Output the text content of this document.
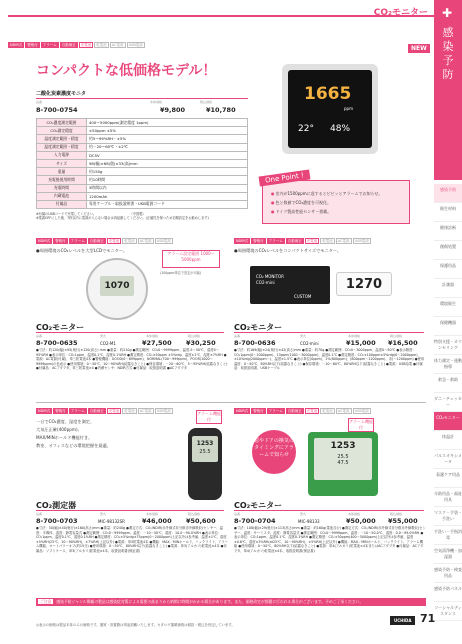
CO₂モニター ✚
感
染
予
防
感染予防
衛生材料
健康診断
創傷処置
保護用品
計測器
環境衛生
保健機器
特別支援・カウンセリング
体力測定・運動指導
救急・救助
ダニ・チェッカー
CO₂モニター
体温計
パルスオキシメータ
看護ケア用品
介助用品・福祉用具
マスク・手袋・手洗い
手洗い・手指消毒
空気清浄機・加湿器
感染予防・検査用品
感染予防パネル
ソーシャルディスタンス
NDIR式	警報付	アラーム	自動補正	充電池	乾電池	AC電源	USB電源	NEW
コンパクトな低価格モデル！
1665
ppm
22° 48%
二酸化炭素濃度モニタ
品番	本体価格	税込価格
8-700-0754	¥9,800	¥10,780
CO₂濃度測定範囲	400～5000ppm(測定精度 1ppm)
CO₂測定精度	±50ppm ±5%
湿度測定範囲・精度	約5～99%RH・±5%
温度測定範囲・精度	約－20～60℃・±2℃
入力電源	DC5V
サイズ	98(幅)×68(奥)×33(高)mm
重量	約150g
充電後使用時間	約10時間
充電時間	5時間以内
内蔵電池	1200mAh
付属品	専用ケーブル・取扱説明書・USB電源コード
※付属のUSBコードで充電してください。　　　　　　　　　　　（中国製）
※電源OFFにした後、7秒以内に電源が入らない場合は再起動してください。(正確性を保つため初期設定をお勧めします)
One Point !
● 室内が1500ppmに達するとビビッとアラームでお知らせ。
● 色と数値でCO₂濃度を可視化。
● ドイツ製高性能センサー搭載。
NDIR式	警報付	アラーム	自動補正	充電池	乾電池	AC電源	USB電源
●周囲環境のCO₂レベルを大型LCDでモニター。
1070
アラーム設定範囲 1000～5000ppm
(100ppm単位で設定が可能)
CO₂モニター
品番	型式	本体価格	税込価格
8-700-0635	CO2-M1	¥27,500 ¥30,250
●寸法：約120(幅)×95(奥行)×120(高さ) mm ●重量：約210g ●測定範囲：CO₂0～9999ppm、温度-5～50℃、湿度0～95%RH ●表示単位：CO₂1ppm、温度0.1℃、湿度0.1%RH ●測定精度：CO₂±50ppm ±5%rdg、温度±1℃、湿度±7%RH ●電源：AC電源(付属)、単三乾電池4本 ●警報機能：GOOD(0～699ppm)、NORMAL(700～999ppm)、POOR(1000～9999ppm)の色表示 ●使用環境：0～50℃、10～90%RH(結露なきこと) ●保存環境：－20～60℃、5～95%RH(結露なきこと) ●付属品：ACアダプタ、単三乾電池×4 ●内蔵センサ：NDIR方式 ●付属品：取扱説明書 ●ACアダプタ
NDIR式	警報付	アラーム	自動補正	充電池	乾電池	AC電源	USB電源
●周囲環境のCO₂レベルをコンパクトサイズでモニター。
CO₂ MONITOR
CO2-mini
CUSTOM
1270
CO₂モニター
品番	型式	本体価格	税込価格
8-700-0636	CO2-mini	¥15,000 ¥16,500
●寸法：約169(幅)×24(奥行)×42(高さ)mm ●重量：約70g ●測定範囲：CO₂0～3000ppm、温度0～50℃ ●表示精度：CO₂1ppm(0～1000ppm)、15ppm(1001～3000ppm)、温度0.1℃ ●測定精度：CO₂±100ppm±5%rdg(0～2000ppm)、±10%rdg(2000ppm～)、温度±1.5℃ ●表示単位(0ppm)、1%(800ppm)、(800ppm～1200ppm)、赤(～1200ppm) ●使用温度：0～50℃、80%RH以下(結露なきこと) ●保存環境：－10～60℃、80%RH以下(結露なきこと) ●電源：USB給電 ●付属品：取扱説明書、USBケーブル
NDIR式	警報付	アラーム	自動補正	充電池	乾電池	AC電源	USB電源
一台でCO₂濃度、湿度を測定。
大気圧正確(400ppm)。
MAX/MINホールド機能付き。
教室、オフィスなどの環境把握を最適。
アラーム機能付
1253
25.5
CO₂測定器
品番	型式	本体価格	税込価格
8-700-0703	MIC-98132SR	¥46,000 ¥50,600
●寸法：50(幅)×40(奥行)×160(高さ)mm ●重量：約240g ●測定方式：CO₂/NDIR(赤外線式非分散赤外線吸収)センサー、温度：半導体、湿度：静電容量式 ●測定範囲：CO₂0～9999ppm、温度：－10～50℃、湿度：10.0～90.0%RH ●表示単位：CO₂1ppm、温度0.1℃、湿度0.1%RH ●測定精度：CO₂±5%rdg±75ppm(0～2000ppm)上記以外は参考値、温度±1℃、湿度±5%RH(25℃、10～90%RH)、±7%RH(上記以外) ●電源：単3乾電池4本 ●機能：MAX／MINホールド、バックライト、アラーム機能、オートパワーオフ(約15分) ●使用環境：0～50℃、80%RH以下(結露なきこと) ●電源：単3(アルカリ)乾電池×4本 ●付属品：ソフトケース、単3(アルカリ)乾電池×4本、取扱説明書(保証書)
NDIR式	警報付	アラーム	自動補正	充電池	乾電池	AC電源	USB電源
窓やドアの換気のタイミングにアラームで知らせ
アラーム機能付
1253
25.5
47.5
CO₂モニター
品番	型式	本体価格	税込価格
8-700-0704	MIC-98133	¥50,000 ¥55,000
●寸法：108(幅)×29(奥行)×113(高さ)mm ●重量：約160g(電池含む) ●測定方式：CO₂/NDIR(赤外線式非分散赤外線吸収)センサー、温度：サーミスタ、湿度：静電容量式 ●測定範囲：CO₂0～9999ppm、温度：－10～50.0℃、湿度：0.0～99.0%RH ●表示単位：CO₂1ppm、温度0.1℃、湿度0.1%RH ●測定精度：CO₂±30ppm(400～5000ppm)上記以外は参考値、温度±0.6℃、湿度±3%RH(at25℃、10～90%RH)、±5%RH(上記以外) ●機能：MAX／MINホールド、バックライト、アラーム機能 ●使用環境：0～50℃、80%RH以下(結露なきこと) ●電源：単4(アルカリ)乾電池×4本またはACアダプタ ●付属品：ACアダプタ、単4(アルカリ)乾電池×4本、取扱説明書(保証書)
ご注意 感染予防ジャンル掲載の製品は感染症対策による需要の高まりから納期に時間がかかる場合があります。また、価格改定が頻繁に行われる場合がございます。予めご了承ください。
◎表示の価格は製品本体のみの価格です。運賃・設置費は別途頂戴いたします。カタログ掲載価格は税抜・税込を併記しています。
UCHIDA 71
